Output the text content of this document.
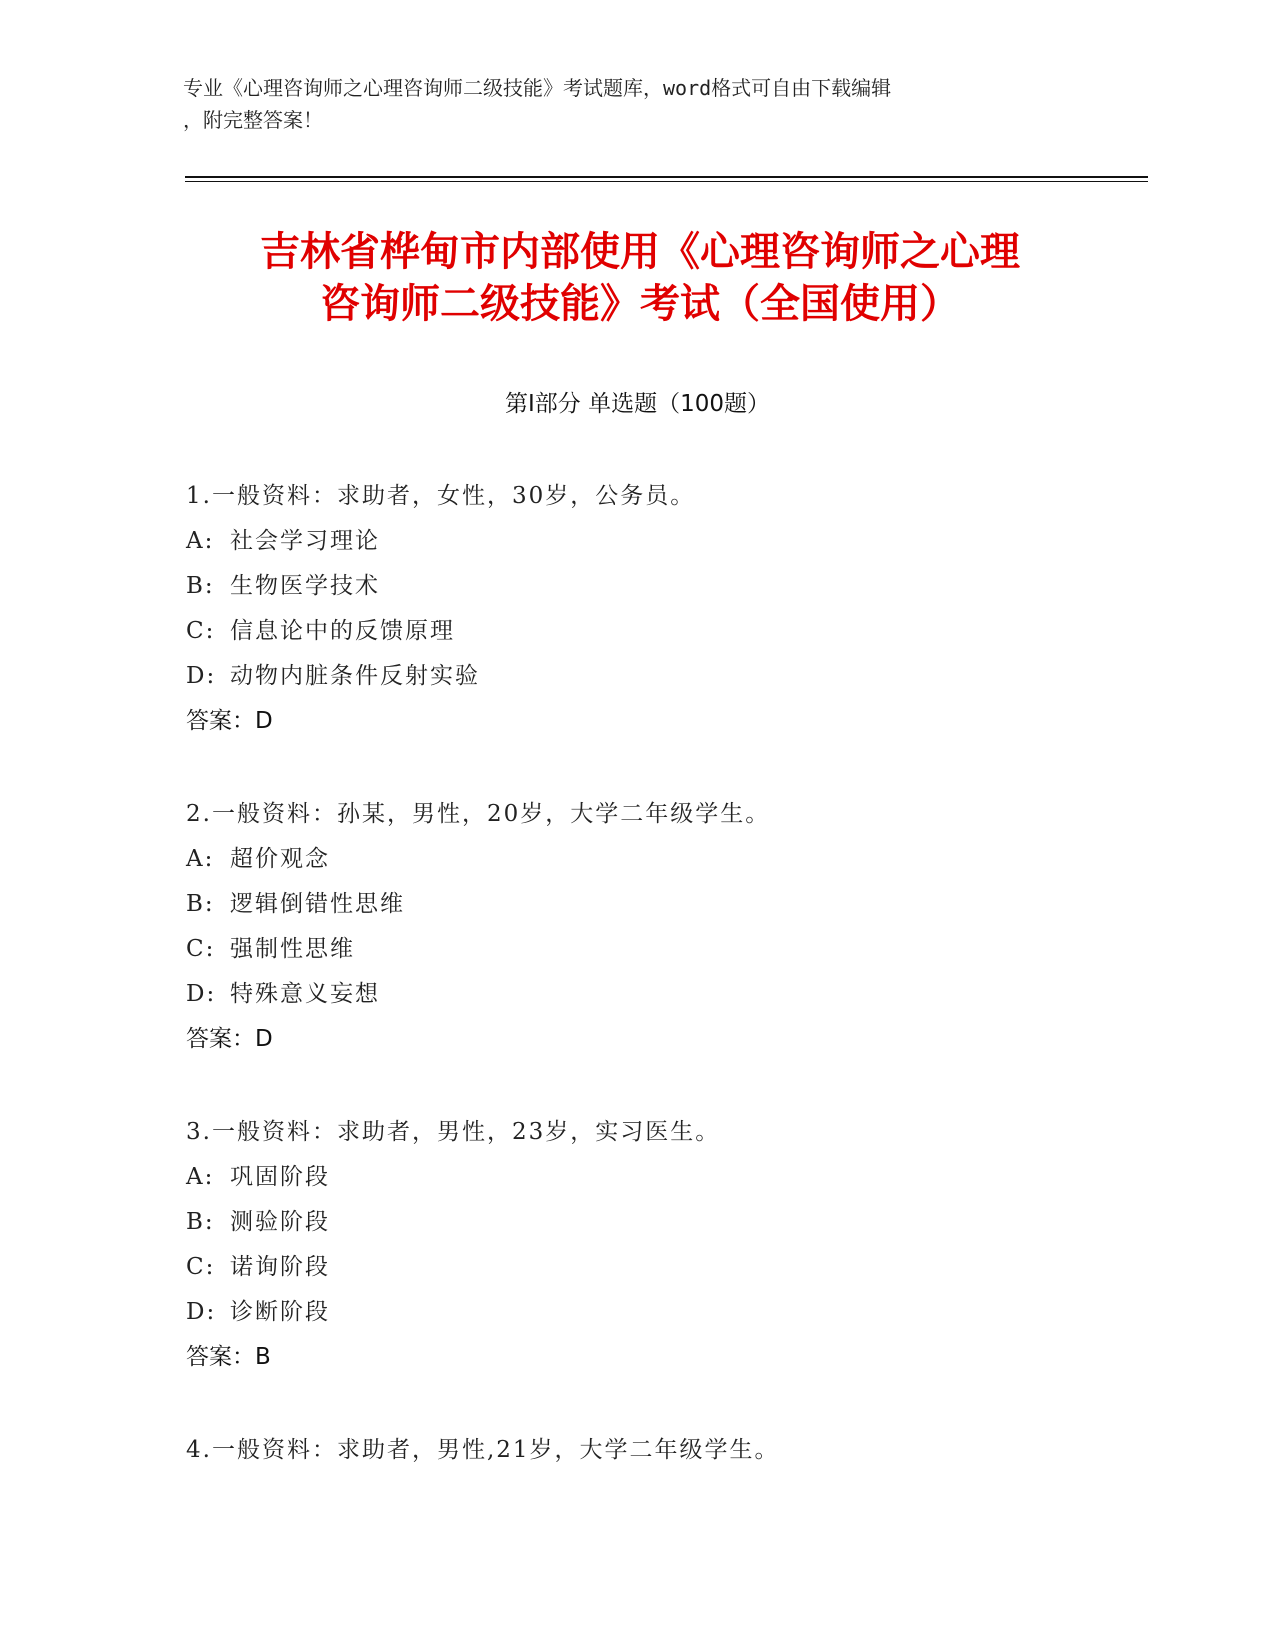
专业《心理咨询师之心理咨询师二级技能》考试题库，word格式可自由下载编辑
，附完整答案！
吉林省桦甸市内部使用《心理咨询师之心理
咨询师二级技能》考试（全国使用）
第Ⅰ部分 单选题（100题）
1.一般资料：求助者，女性，30岁，公务员。
A: 社会学习理论
B: 生物医学技术
C: 信息论中的反馈原理
D: 动物内脏条件反射实验
答案：D
2.一般资料：孙某，男性，20岁，大学二年级学生。
A: 超价观念
B: 逻辑倒错性思维
C: 强制性思维
D: 特殊意义妄想
答案：D
3.一般资料：求助者，男性，23岁，实习医生。
A: 巩固阶段
B: 测验阶段
C: 诺询阶段
D: 诊断阶段
答案：B
4.一般资料：求助者，男性,21岁，大学二年级学生。
